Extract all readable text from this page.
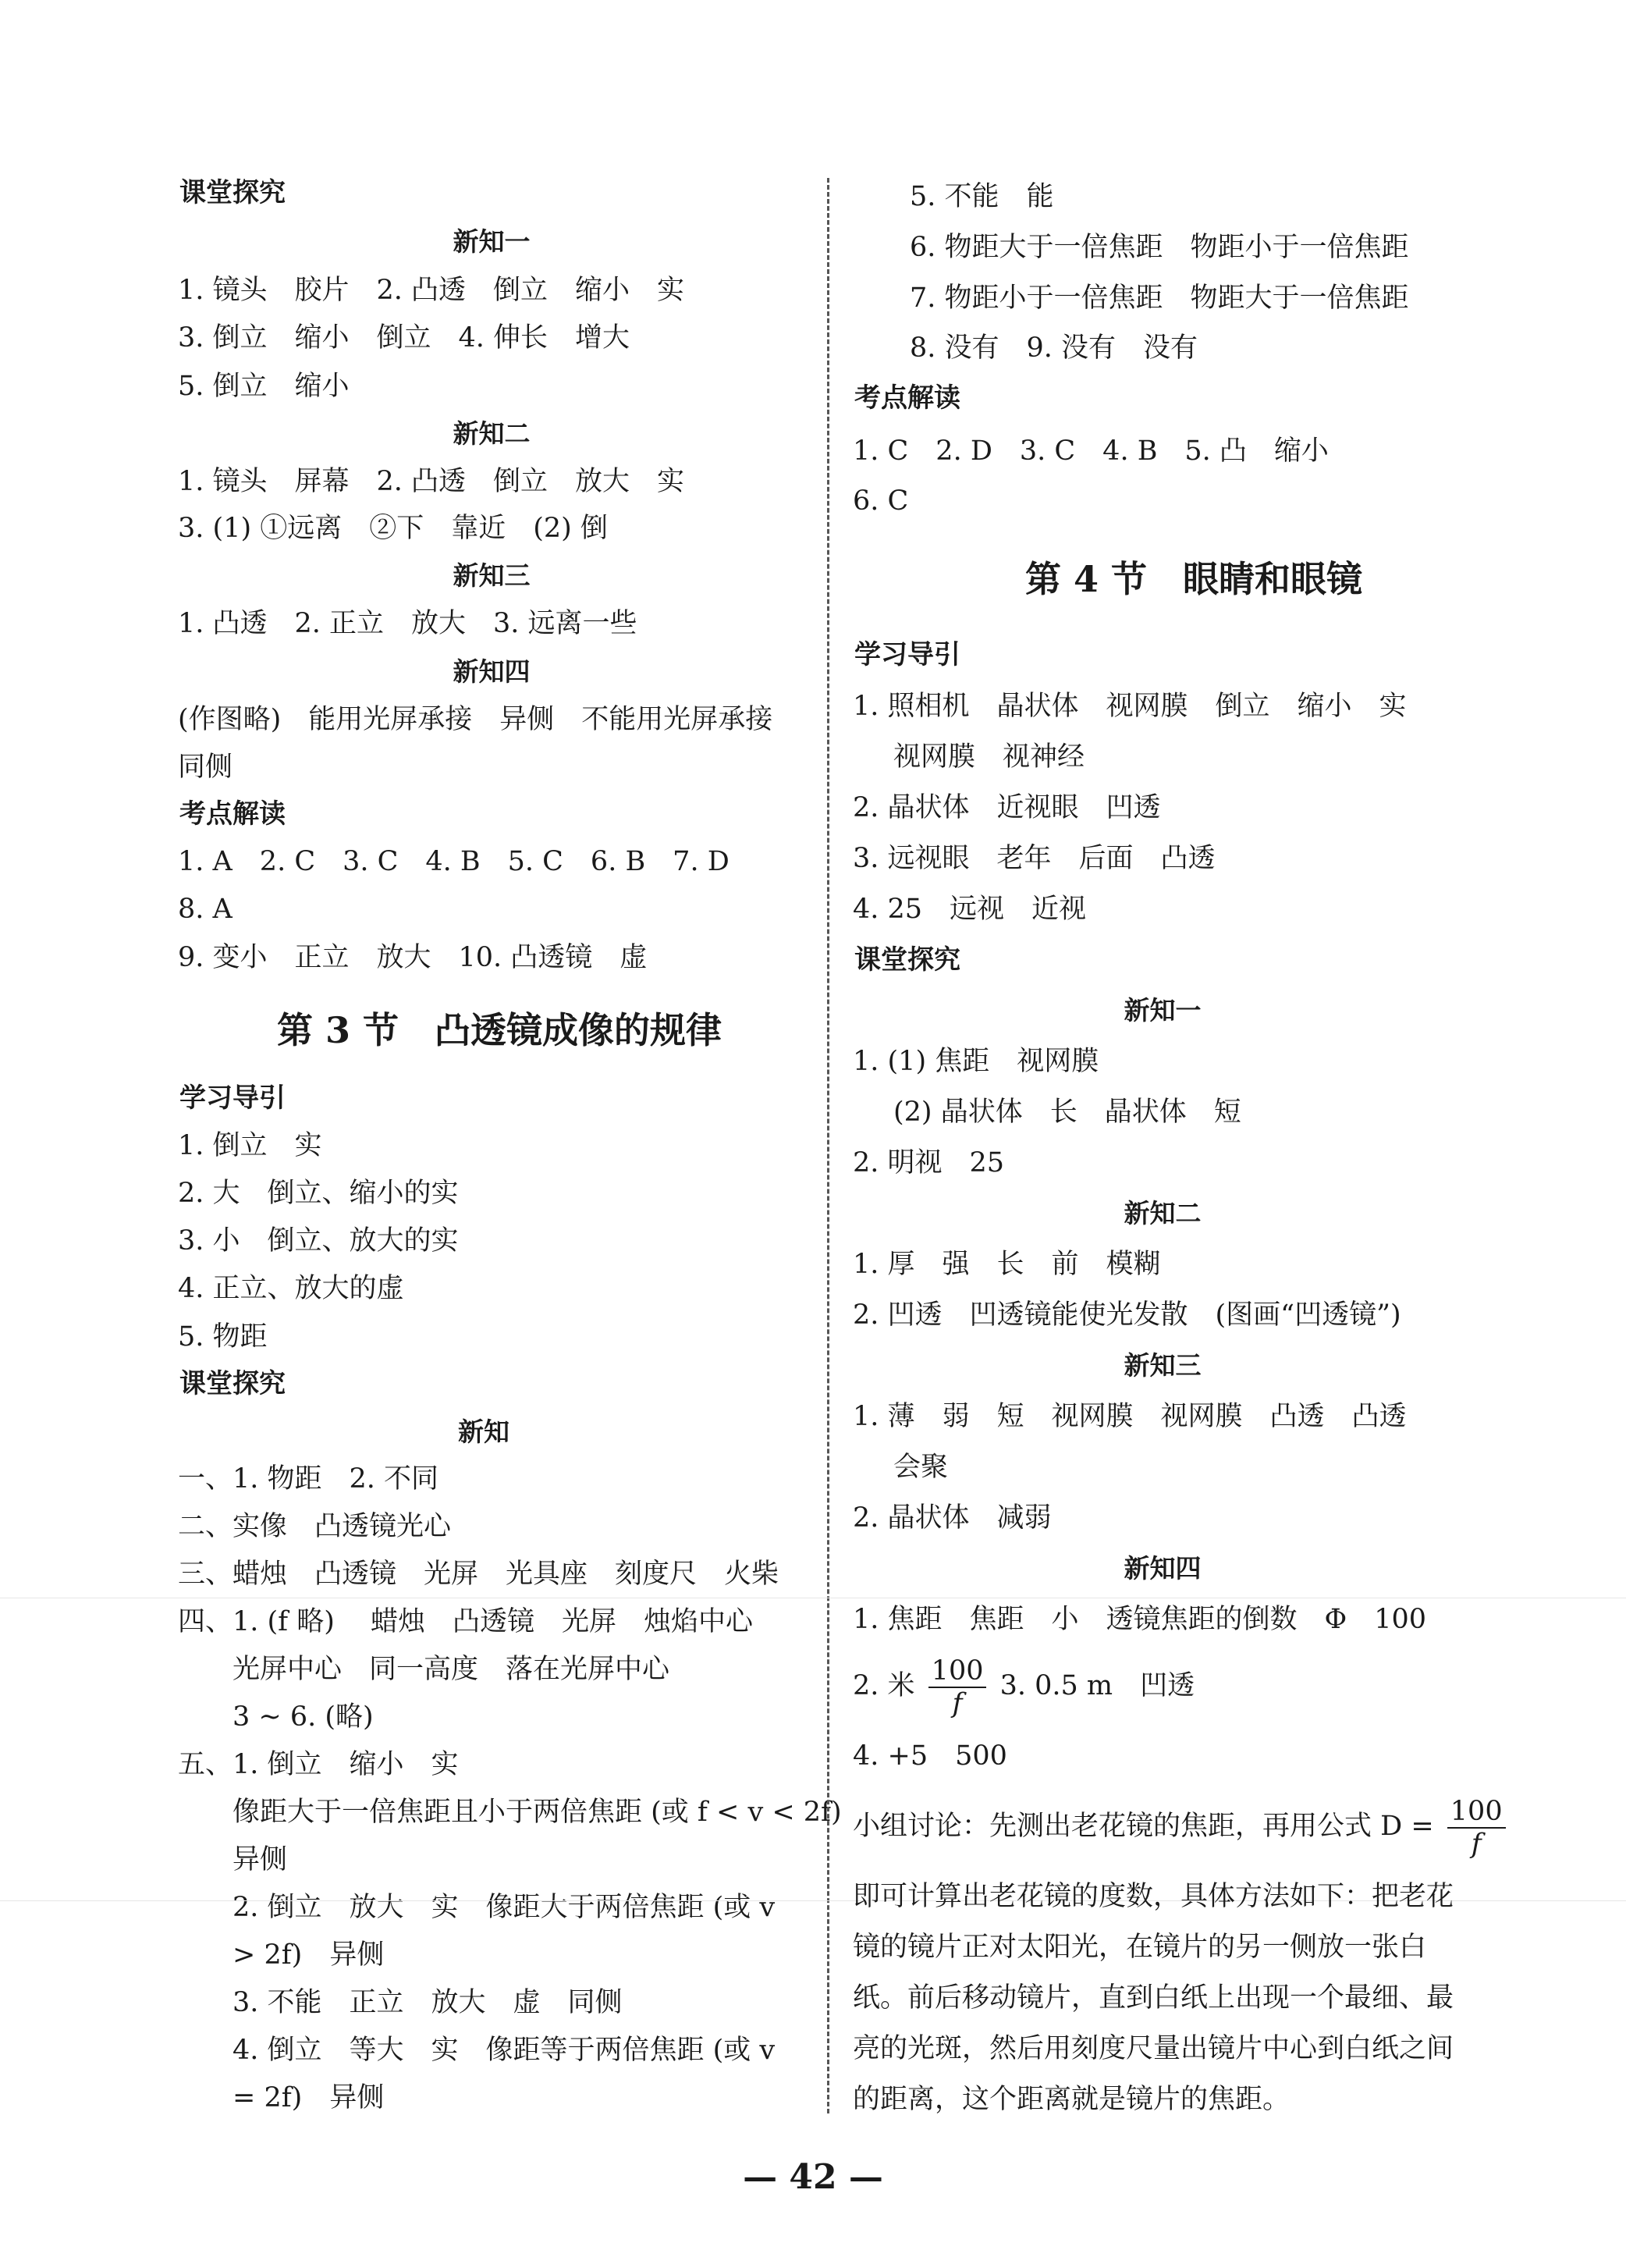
课堂探究
新知一
1. 镜头　胶片　2. 凸透　倒立　缩小　实
3. 倒立　缩小　倒立　4. 伸长　增大
5. 倒立　缩小
新知二
1. 镜头　屏幕　2. 凸透　倒立　放大　实
3. (1) ①远离　②下　靠近　(2) 倒
新知三
1. 凸透　2. 正立　放大　3. 远离一些
新知四
(作图略)　能用光屏承接　异侧　不能用光屏承接
同侧
考点解读
1. A　2. C　3. C　4. B　5. C　6. B　7. D
8. A
9. 变小　正立　放大　10. 凸透镜　虚
第 3 节　凸透镜成像的规律
学习导引
1. 倒立　实
2. 大　倒立、缩小的实
3. 小　倒立、放大的实
4. 正立、放大的虚
5. 物距
课堂探究
新知
一、1. 物距　2. 不同
二、实像　凸透镜光心
三、蜡烛　凸透镜　光屏　光具座　刻度尺　火柴
四、1. (f 略)　 蜡烛　凸透镜　光屏　烛焰中心
光屏中心　同一高度　落在光屏中心
3 ~ 6. (略)
五、1. 倒立　缩小　实
像距大于一倍焦距且小于两倍焦距 (或 f < v < 2f)
异侧
2. 倒立　放大　实　像距大于两倍焦距 (或 v
> 2f)　异侧
3. 不能　正立　放大　虚　同侧
4. 倒立　等大　实　像距等于两倍焦距 (或 v
= 2f)　异侧
5. 不能　能
6. 物距大于一倍焦距　物距小于一倍焦距
7. 物距小于一倍焦距　物距大于一倍焦距
8. 没有　9. 没有　没有
考点解读
1. C　2. D　3. C　4. B　5. 凸　缩小
6. C
第 4 节　眼睛和眼镜
学习导引
1. 照相机　晶状体　视网膜　倒立　缩小　实
视网膜　视神经
2. 晶状体　近视眼　凹透
3. 远视眼　老年　后面　凸透
4. 25　远视　近视
课堂探究
新知一
1. (1) 焦距　视网膜
(2) 晶状体　长　晶状体　短
2. 明视　25
新知二
1. 厚　强　长　前　模糊
2. 凹透　凹透镜能使光发散　(图画“凹透镜”)
新知三
1. 薄　弱　短　视网膜　视网膜　凸透　凸透
会聚
2. 晶状体　减弱
新知四
1. 焦距　焦距　小　透镜焦距的倒数　Φ　100
2. 米 $\frac{100}{f} 3$. 0.5 m　凹透
4. +5　500
小组讨论：先测出老花镜的焦距，再用公式 $D = \frac{100}{f}$
即可计算出老花镜的度数，具体方法如下：把老花
镜的镜片正对太阳光，在镜片的另一侧放一张白
纸。前后移动镜片，直到白纸上出现一个最细、最
亮的光斑，然后用刻度尺量出镜片中心到白纸之间
的距离，这个距离就是镜片的焦距。
— 42 —
